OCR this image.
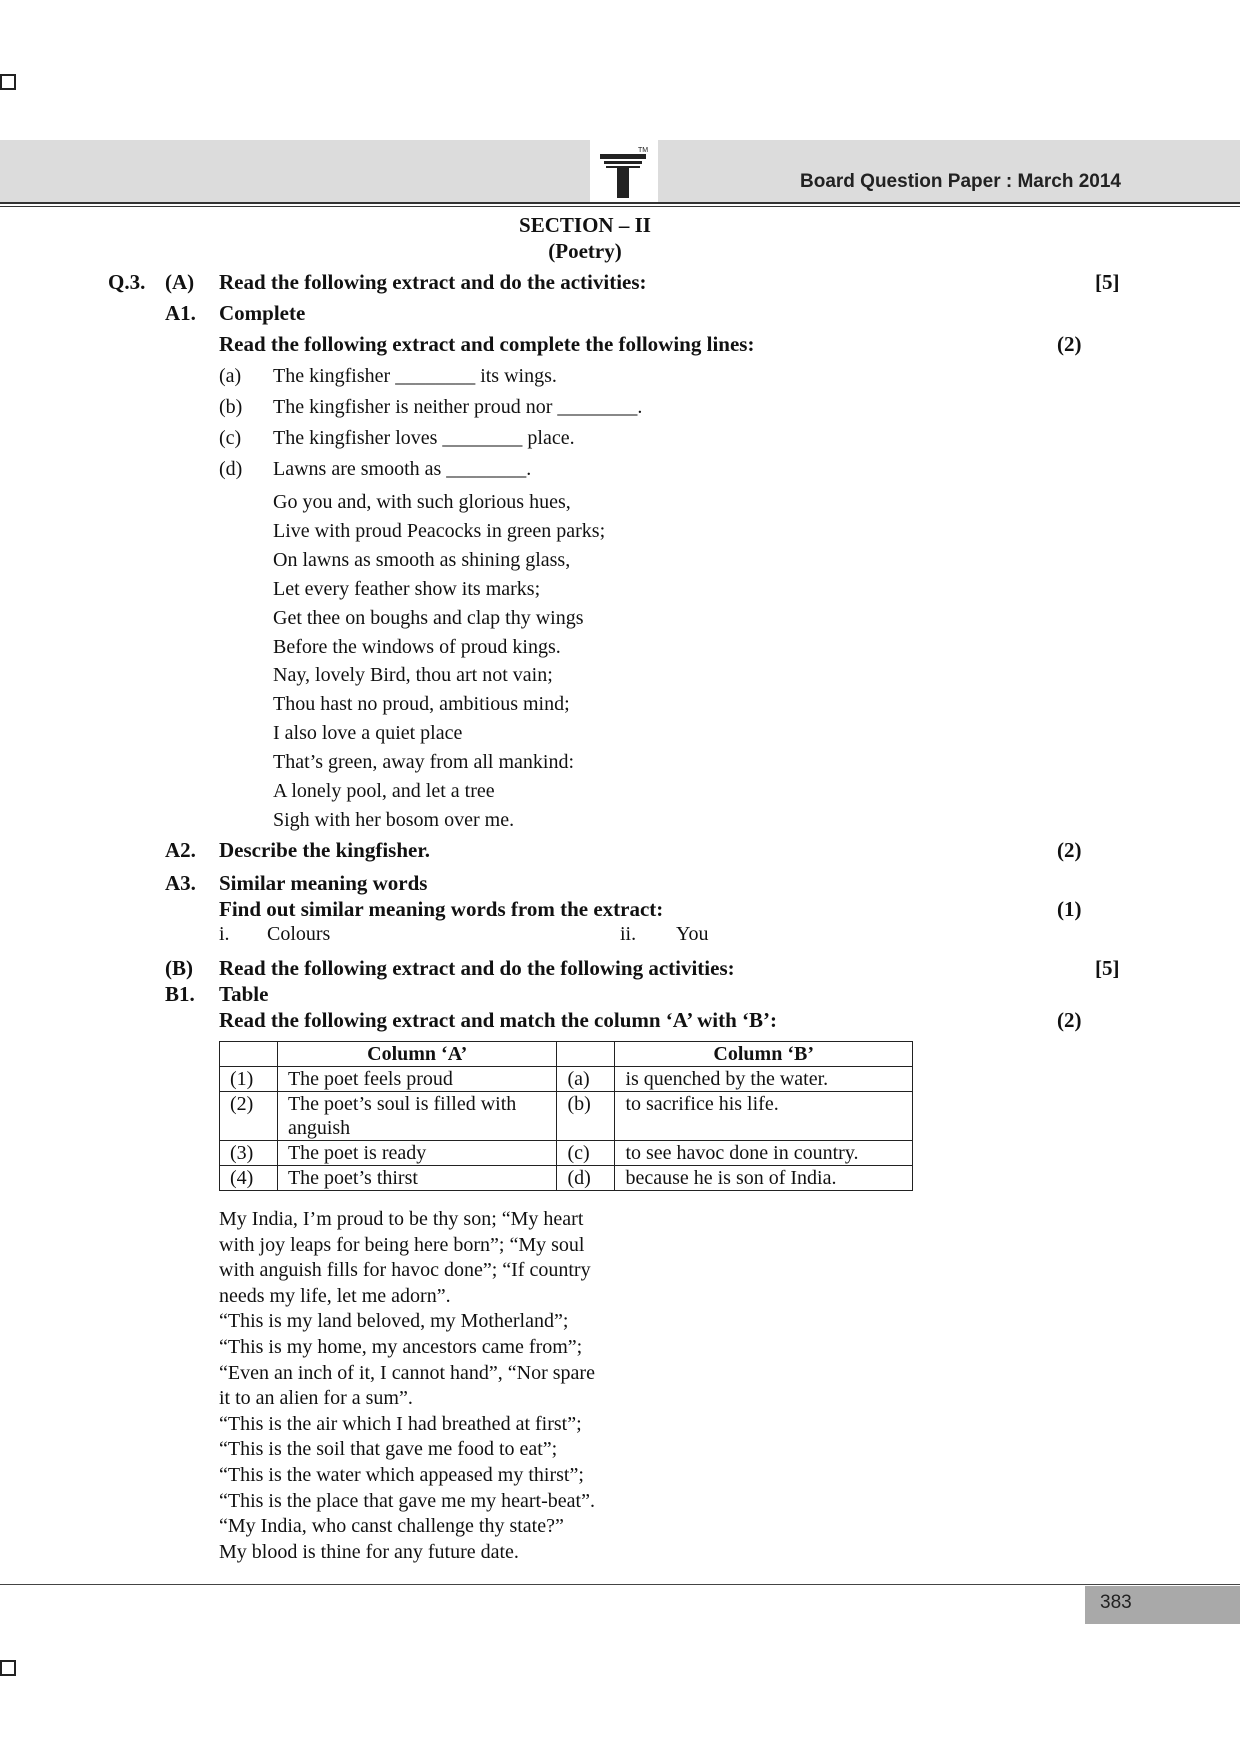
TM
Board Question Paper : March 2014
SECTION – II
(Poetry)
Q.3. (A) Read the following extract and do the activities:	[5]
A1. Complete
Read the following extract and complete the following lines:	(2)
(a) The kingfisher ________ its wings.
(b) The kingfisher is neither proud nor ________.
(c) The kingfisher loves ________ place.
(d) Lawns are smooth as ________.
Go you and, with such glorious hues,
Live with proud Peacocks in green parks;
On lawns as smooth as shining glass,
Let every feather show its marks;
Get thee on boughs and clap thy wings
Before the windows of proud kings.
Nay, lovely Bird, thou art not vain;
Thou hast no proud, ambitious mind;
I also love a quiet place
That’s green, away from all mankind:
A lonely pool, and let a tree
Sigh with her bosom over me.
A2. Describe the kingfisher.	(2)
A3. Similar meaning words
Find out similar meaning words from the extract:	(1)
i. Colours	ii. You
(B) Read the following extract and do the following activities:	[5]
B1. Table
Read the following extract and match the column ‘A’ with ‘B’:	(2)
	Column ‘A’		Column ‘B’
(1)	The poet feels proud	(a)	is quenched by the water.
(2)	The poet’s soul is filled with anguish	(b)	to sacrifice his life.
(3)	The poet is ready	(c)	to see havoc done in country.
(4)	The poet’s thirst	(d)	because he is son of India.
My India, I’m proud to be thy son; “My heart
with joy leaps for being here born”; “My soul
with anguish fills for havoc done”; “If country
needs my life, let me adorn”.
“This is my land beloved, my Motherland”;
“This is my home, my ancestors came from”;
“Even an inch of it, I cannot hand”, “Nor spare
it to an alien for a sum”.
“This is the air which I had breathed at first”;
“This is the soil that gave me food to eat”;
“This is the water which appeased my thirst”;
“This is the place that gave me my heart-beat”.
“My India, who canst challenge thy state?”
My blood is thine for any future date.
383
